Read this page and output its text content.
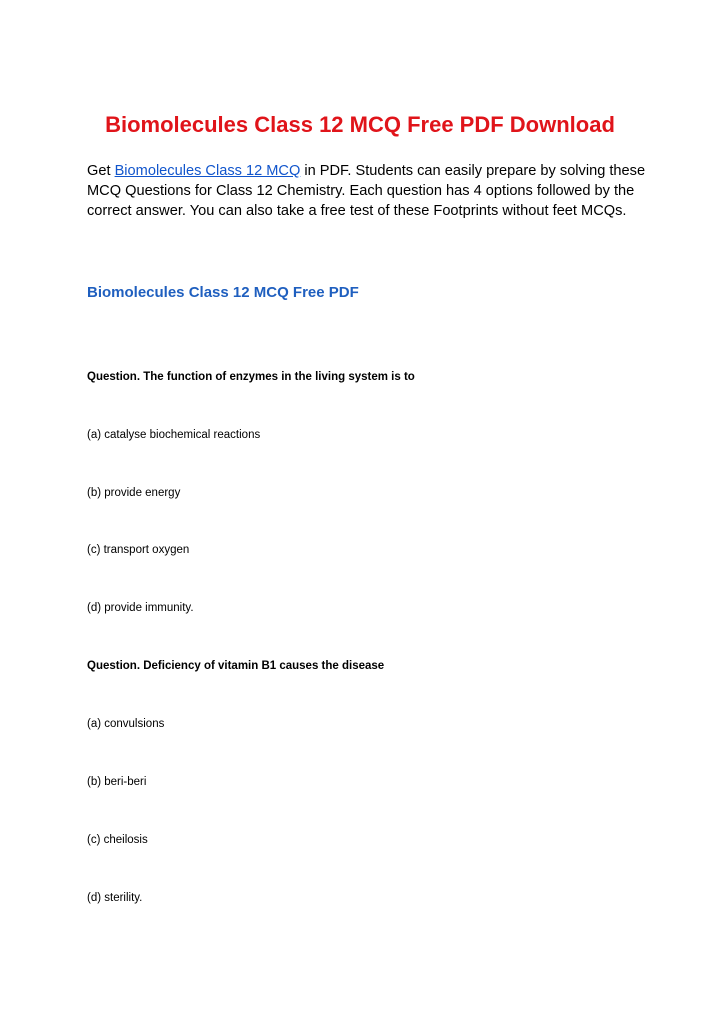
Biomolecules Class 12 MCQ Free PDF Download

Get Biomolecules Class 12 MCQ in PDF. Students can easily prepare by solving these MCQ Questions for Class 12 Chemistry. Each question has 4 options followed by the correct answer. You can also take a free test of these Footprints without feet MCQs.

Biomolecules Class 12 MCQ Free PDF

Question. The function of enzymes in the living system is to

(a) catalyse biochemical reactions

(b) provide energy

(c) transport oxygen

(d) provide immunity.

Question. Deficiency of vitamin B1 causes the disease

(a) convulsions

(b) beri-beri

(c) cheilosis

(d) sterility.
